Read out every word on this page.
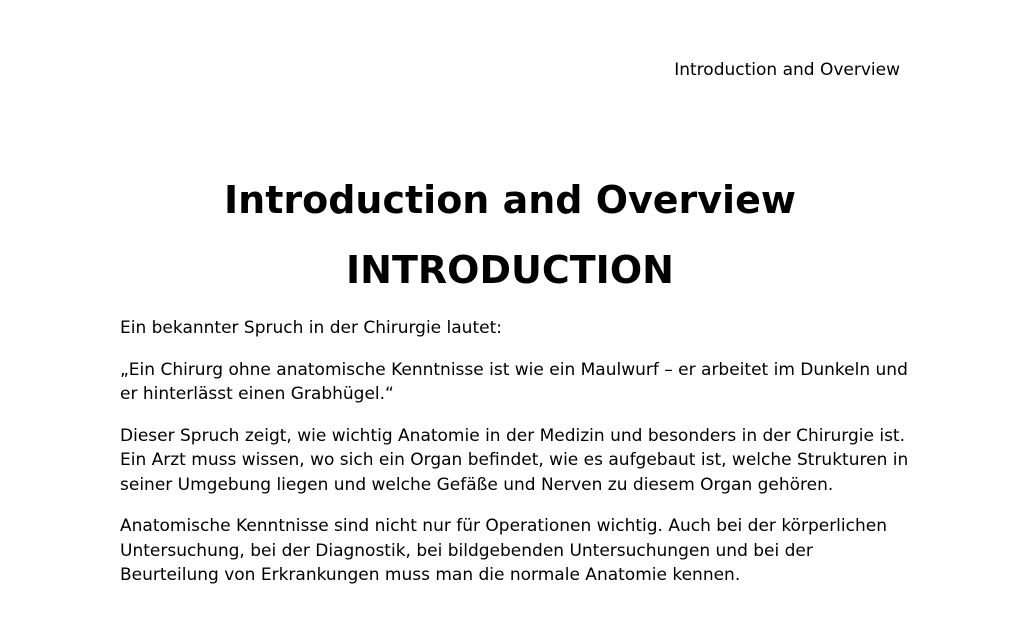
Introduction and Overview
Introduction and Overview
INTRODUCTION

Ein bekannter Spruch in der Chirurgie lautet:

„Ein Chirurg ohne anatomische Kenntnisse ist wie ein Maulwurf – er arbeitet im Dunkeln und er hinterlässt einen Grabhügel.“

Dieser Spruch zeigt, wie wichtig Anatomie in der Medizin und besonders in der Chirurgie ist. Ein Arzt muss wissen, wo sich ein Organ befindet, wie es aufgebaut ist, welche Strukturen in seiner Umgebung liegen und welche Gefäße und Nerven zu diesem Organ gehören.

Anatomische Kenntnisse sind nicht nur für Operationen wichtig. Auch bei der körperlichen Untersuchung, bei der Diagnostik, bei bildgebenden Untersuchungen und bei der Beurteilung von Erkrankungen muss man die normale Anatomie kennen.
